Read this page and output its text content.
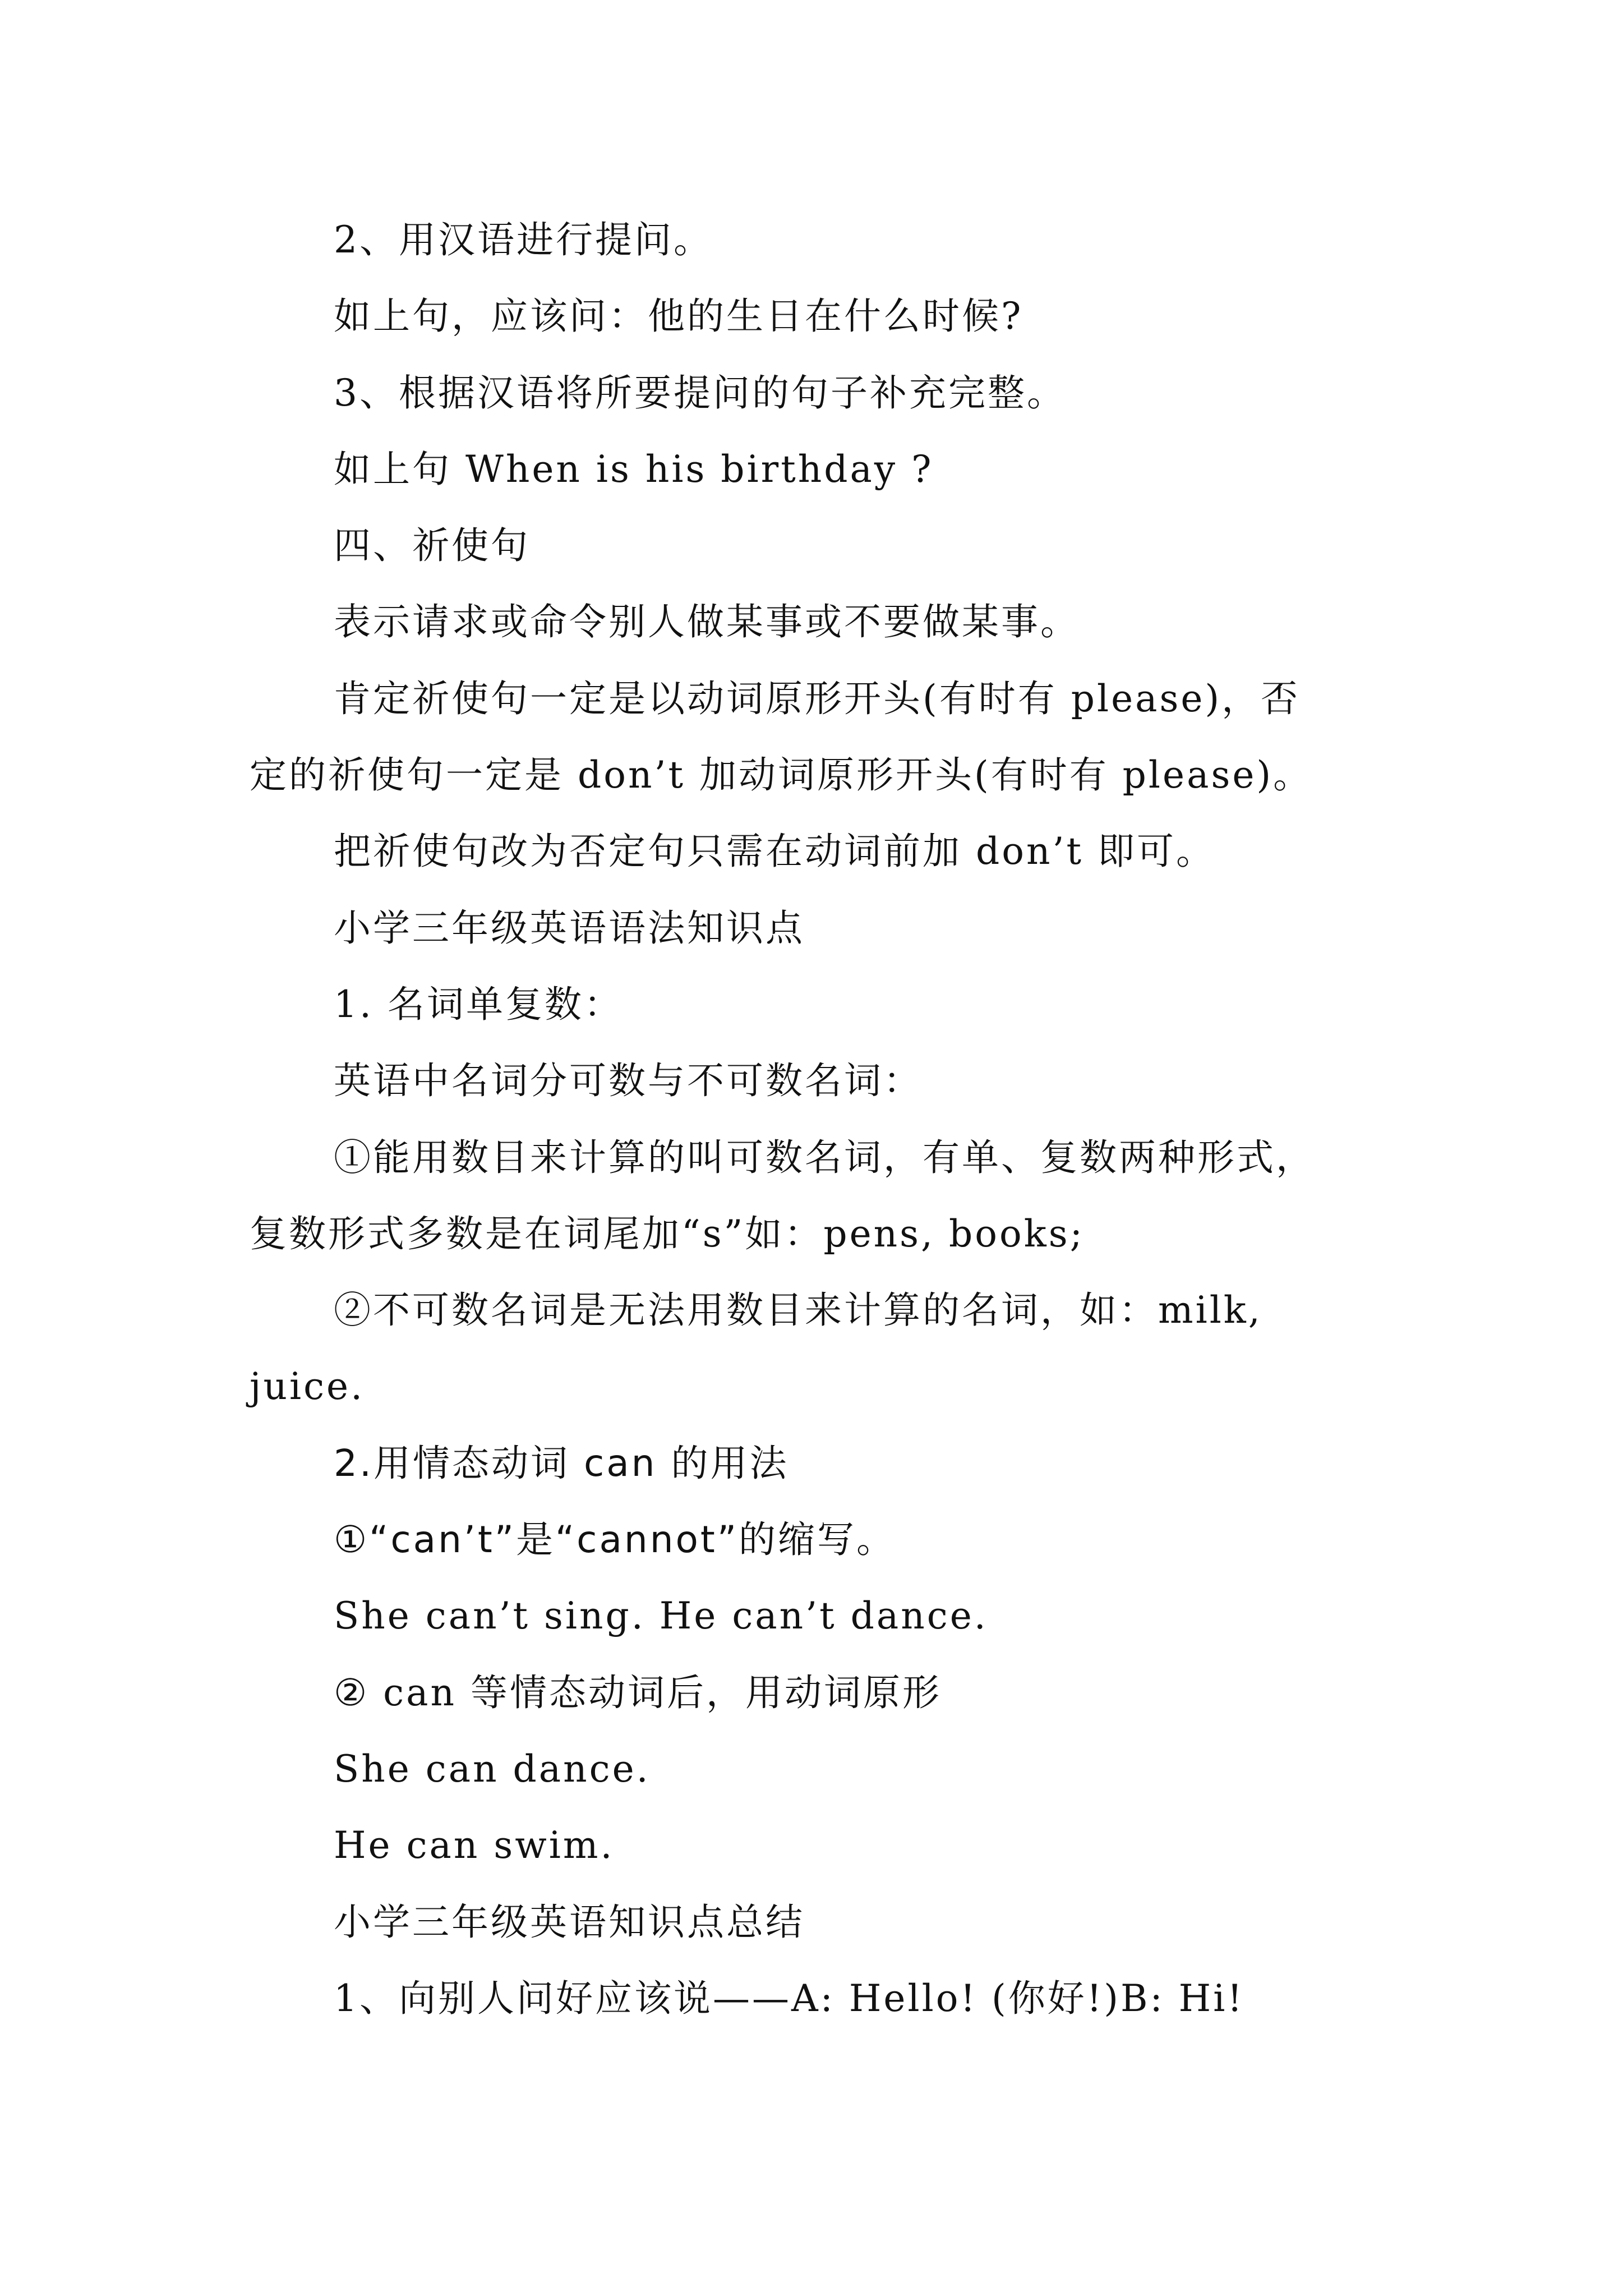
2、用汉语进行提问。
如上句，应该问：他的生日在什么时候?
3、根据汉语将所要提问的句子补充完整。
如上句 When is his birthday ?
四、祈使句
表示请求或命令别人做某事或不要做某事。
肯定祈使句一定是以动词原形开头(有时有 please)，否
定的祈使句一定是 don’t 加动词原形开头(有时有 please)。
把祈使句改为否定句只需在动词前加 don’t 即可。
小学三年级英语语法知识点
1. 名词单复数：
英语中名词分可数与不可数名词：
①能用数目来计算的叫可数名词，有单、复数两种形式，
复数形式多数是在词尾加“s”如：pens, books;
②不可数名词是无法用数目来计算的名词，如：milk,
juice.
2.用情态动词 can 的用法
①“can’t”是“cannot”的缩写。
She can’t sing. He can’t dance.
② can 等情态动词后，用动词原形
She can dance.
He can swim.
小学三年级英语知识点总结
1、向别人问好应该说——A: Hello! (你好!)B: Hi!
